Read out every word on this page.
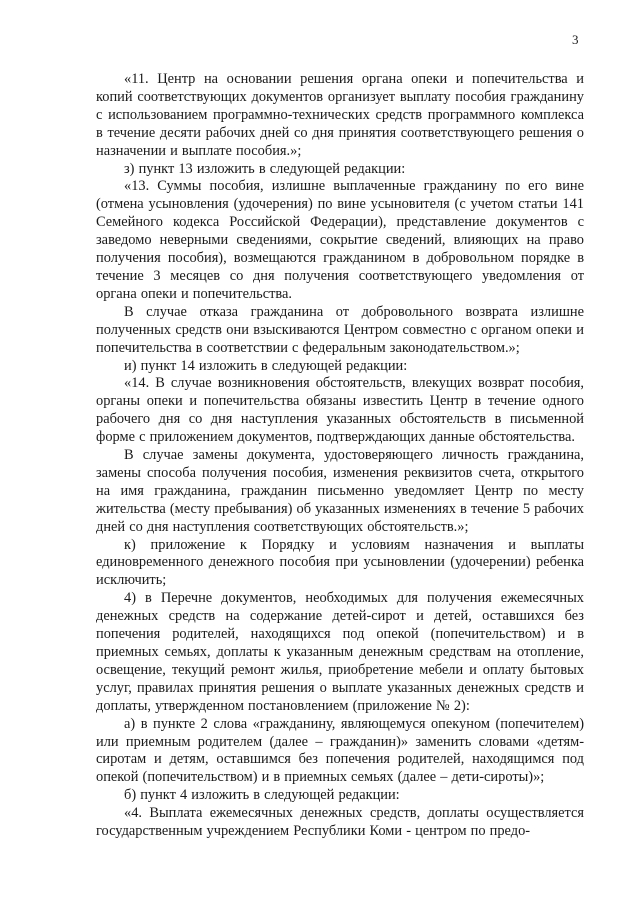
3

«11. Центр на основании решения органа опеки и попечительства и копий соответствующих документов организует выплату пособия гражданину с использованием программно-технических средств программного комплекса в течение десяти рабочих дней со дня принятия соответствующего решения о назначении и выплате пособия.»;

з) пункт 13 изложить в следующей редакции:

«13. Суммы пособия, излишне выплаченные гражданину по его вине (отмена усыновления (удочерения) по вине усыновителя (с учетом статьи 141 Семейного кодекса Российской Федерации), представление документов с заведомо неверными сведениями, сокрытие сведений, влияющих на право получения пособия), возмещаются гражданином в добровольном порядке в течение 3 месяцев со дня получения соответствующего уведомления от органа опеки и попечительства.

В случае отказа гражданина от добровольного возврата излишне полученных средств они взыскиваются Центром совместно с органом опеки и попечительства в соответствии с федеральным законодательством.»;

и) пункт 14 изложить в следующей редакции:

«14. В случае возникновения обстоятельств, влекущих возврат пособия, органы опеки и попечительства обязаны известить Центр в течение одного рабочего дня со дня наступления указанных обстоятельств в письменной форме с приложением документов, подтверждающих данные обстоятельства.

В случае замены документа, удостоверяющего личность гражданина, замены способа получения пособия, изменения реквизитов счета, открытого на имя гражданина, гражданин письменно уведомляет Центр по месту жительства (месту пребывания) об указанных изменениях в течение 5 рабочих дней со дня наступления соответствующих обстоятельств.»;

к) приложение к Порядку и условиям назначения и выплаты единовременного денежного пособия при усыновлении (удочерении) ребенка исключить;

4) в Перечне документов, необходимых для получения ежемесячных денежных средств на содержание детей-сирот и детей, оставшихся без попечения родителей, находящихся под опекой (попечительством) и в приемных семьях, доплаты к указанным денежным средствам на отопление, освещение, текущий ремонт жилья, приобретение мебели и оплату бытовых услуг, правилах принятия решения о выплате указанных денежных средств и доплаты, утвержденном постановлением (приложение № 2):

а) в пункте 2 слова «гражданину, являющемуся опекуном (попечителем) или приемным родителем (далее – гражданин)» заменить словами «детям-сиротам и детям, оставшимся без попечения родителей, находящимся под опекой (попечительством) и в приемных семьях (далее – дети-сироты)»;

б) пункт 4 изложить в следующей редакции:

«4. Выплата ежемесячных денежных средств, доплаты осуществляется государственным учреждением Республики Коми - центром по предо-
